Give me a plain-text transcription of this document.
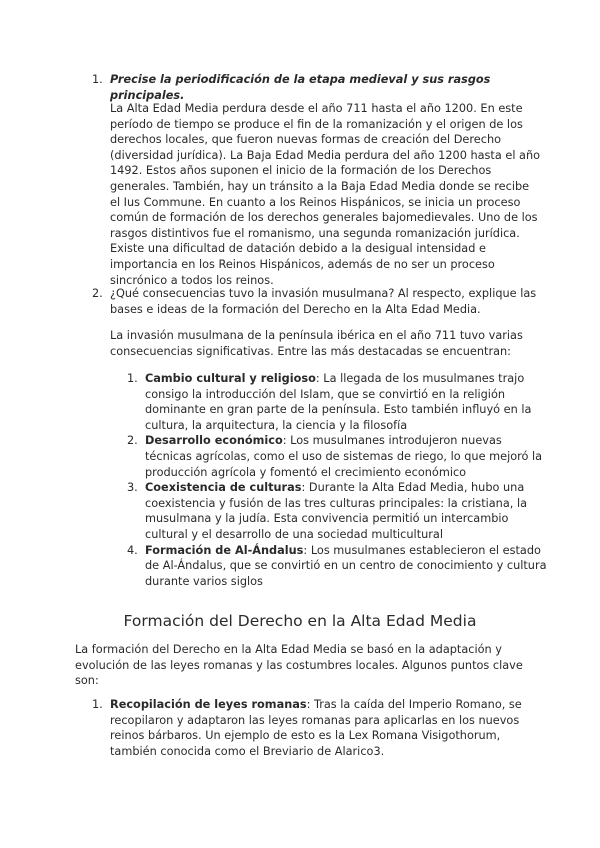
1. Precise la periodificación de la etapa medieval y sus rasgos principales.
La Alta Edad Media perdura desde el año 711 hasta el año 1200. En este período de tiempo se produce el fin de la romanización y el origen de los derechos locales, que fueron nuevas formas de creación del Derecho (diversidad jurídica). La Baja Edad Media perdura del año 1200 hasta el año 1492. Estos años suponen el inicio de la formación de los Derechos generales. También, hay un tránsito a la Baja Edad Media donde se recibe el Ius Commune. En cuanto a los Reinos Hispánicos, se inicia un proceso común de formación de los derechos generales bajomedievales. Uno de los rasgos distintivos fue el romanismo, una segunda romanización jurídica. Existe una dificultad de datación debido a la desigual intensidad e importancia en los Reinos Hispánicos, además de no ser un proceso sincrónico a todos los reinos.
2. ¿Qué consecuencias tuvo la invasión musulmana? Al respecto, explique las bases e ideas de la formación del Derecho en la Alta Edad Media.
La invasión musulmana de la península ibérica en el año 711 tuvo varias consecuencias significativas. Entre las más destacadas se encuentran:
1. Cambio cultural y religioso: La llegada de los musulmanes trajo consigo la introducción del Islam, que se convirtió en la religión dominante en gran parte de la península. Esto también influyó en la cultura, la arquitectura, la ciencia y la filosofía
2. Desarrollo económico: Los musulmanes introdujeron nuevas técnicas agrícolas, como el uso de sistemas de riego, lo que mejoró la producción agrícola y fomentó el crecimiento económico
3. Coexistencia de culturas: Durante la Alta Edad Media, hubo una coexistencia y fusión de las tres culturas principales: la cristiana, la musulmana y la judía. Esta convivencia permitió un intercambio cultural y el desarrollo de una sociedad multicultural
4. Formación de Al-Ándalus: Los musulmanes establecieron el estado de Al-Ándalus, que se convirtió en un centro de conocimiento y cultura durante varios siglos
Formación del Derecho en la Alta Edad Media
La formación del Derecho en la Alta Edad Media se basó en la adaptación y evolución de las leyes romanas y las costumbres locales. Algunos puntos clave son:
1. Recopilación de leyes romanas: Tras la caída del Imperio Romano, se recopilaron y adaptaron las leyes romanas para aplicarlas en los nuevos reinos bárbaros. Un ejemplo de esto es la Lex Romana Visigothorum, también conocida como el Breviario de Alarico3.
